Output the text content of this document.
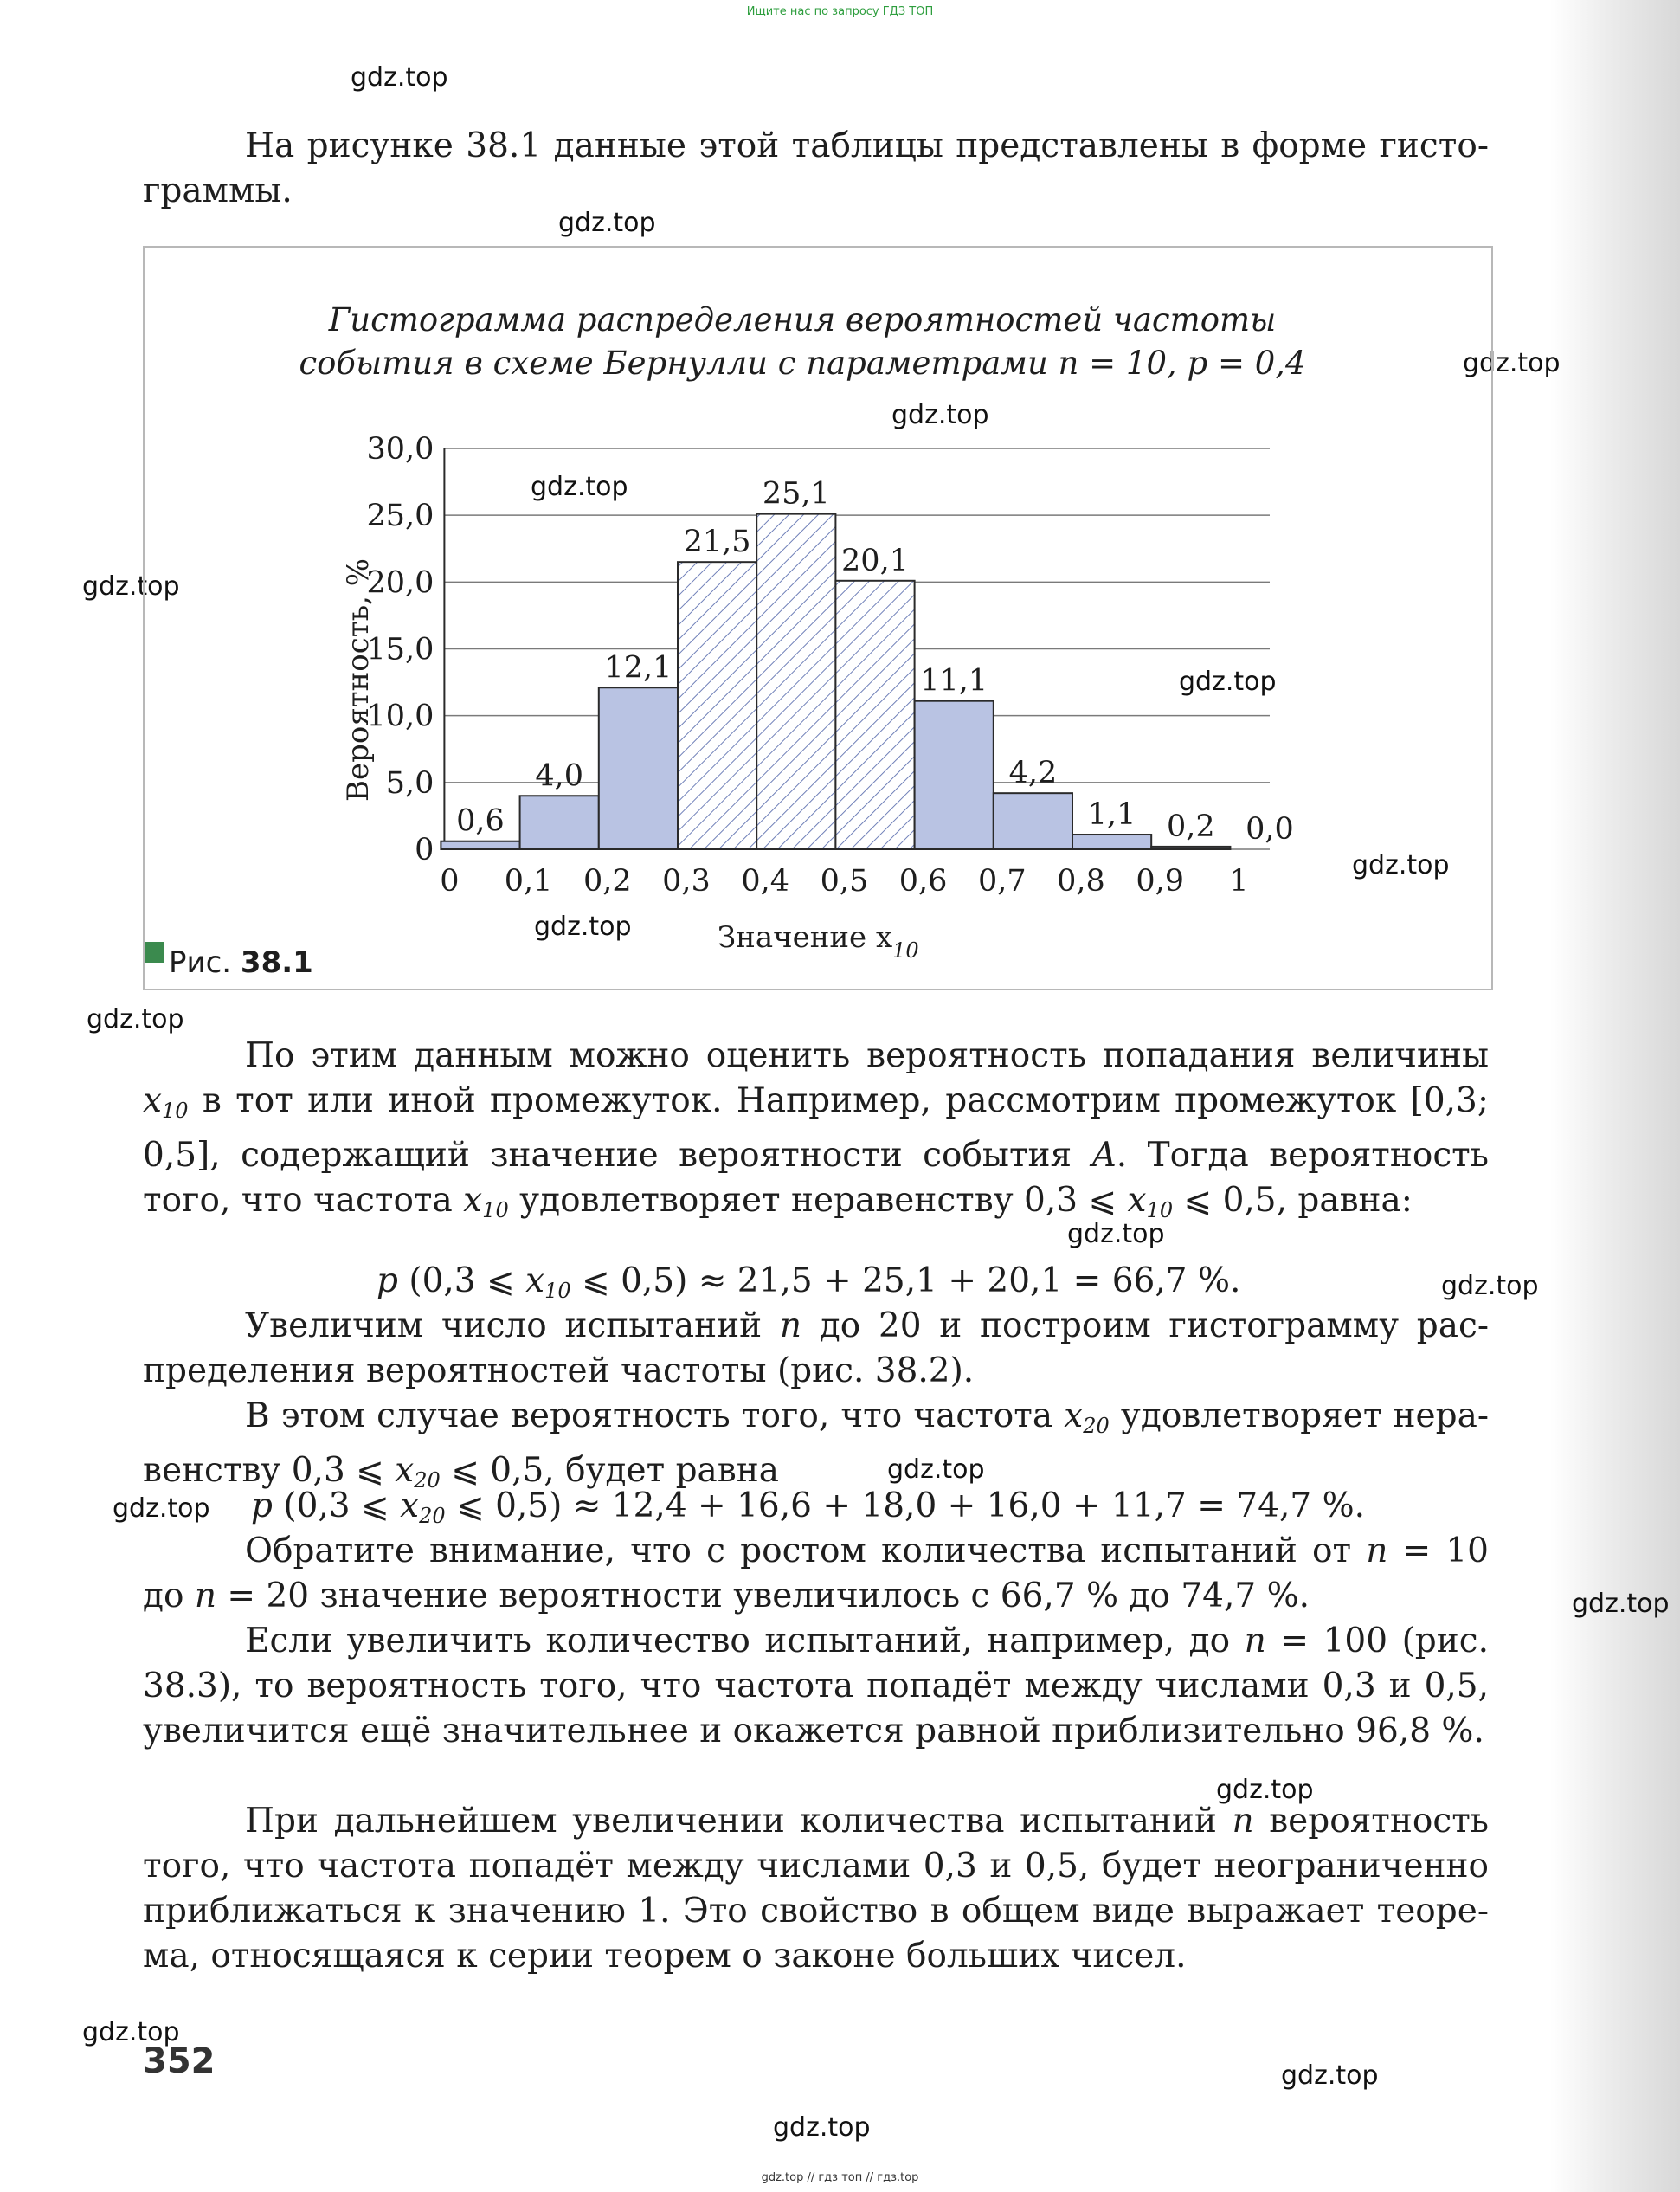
Ищите нас по запросу ГДЗ ТОП
gdz.top
gdz.top
gdz.top
gdz.top
gdz.top
gdz.top
gdz.top
gdz.top
gdz.top
gdz.top
gdz.top
gdz.top
gdz.top
gdz.top
gdz.top
gdz.top
gdz.top
gdz.top
gdz.top

На рисунке 38.1 данные этой таблицы представлены в форме гистограммы.

Гистограмма распределения вероятностей частоты
события в схеме Бернулли с параметрами n = 10, p = 0,4
0
5,0
10,0
15,0
20,0
25,0
30,0
0 0,1 0,2 0,3 0,4 0,5 0,6 0,7 0,8 0,9 1
0,6
4,0
12,1
21,5
25,1
20,1
11,1
4,2
1,1 0,2 0,0
Вероятность, %
Значение $x_{10}$
Рис. 38.1

По этим данным можно оценить вероятность попадания величины $x_{10}$ в тот или иной промежуток. Например, рассмотрим промежуток [0,3; 0,5], содержащий значение вероятности события A. Тогда вероятность того, что частота $x_{10}$ удовлетворяет неравенству 0,3 ⩽ $x_{10}$ ⩽ 0,5, равна:

p (0,3 ⩽ $x_{10}$ ⩽ 0,5) ≈ 21,5 + 25,1 + 20,1 = 66,7 %.

Увеличим число испытаний n до 20 и построим гистограмму распределения вероятностей частоты (рис. 38.2).

В этом случае вероятность того, что частота $x_{20}$ удовлетворяет неравенству 0,3 ⩽ $x_{20}$ ⩽ 0,5, будет равна

p (0,3 ⩽ $x_{20}$ ⩽ 0,5) ≈ 12,4 + 16,6 + 18,0 + 16,0 + 11,7 = 74,7 %.

Обратите внимание, что с ростом количества испытаний от n = 10 до n = 20 значение вероятности увеличилось с 66,7 % до 74,7 %.

Если увеличить количество испытаний, например, до n = 100 (рис. 38.3), то вероятность того, что частота попадёт между числами 0,3 и 0,5, увеличится ещё значительнее и окажется равной приблизительно 96,8 %.

При дальнейшем увеличении количества испытаний n вероятность того, что частота попадёт между числами 0,3 и 0,5, будет неограниченно приближаться к значению 1. Это свойство в общем виде выражает теорема, относящаяся к серии теорем о законе больших чисел.

352
gdz.top // гдз топ // гдз.top
